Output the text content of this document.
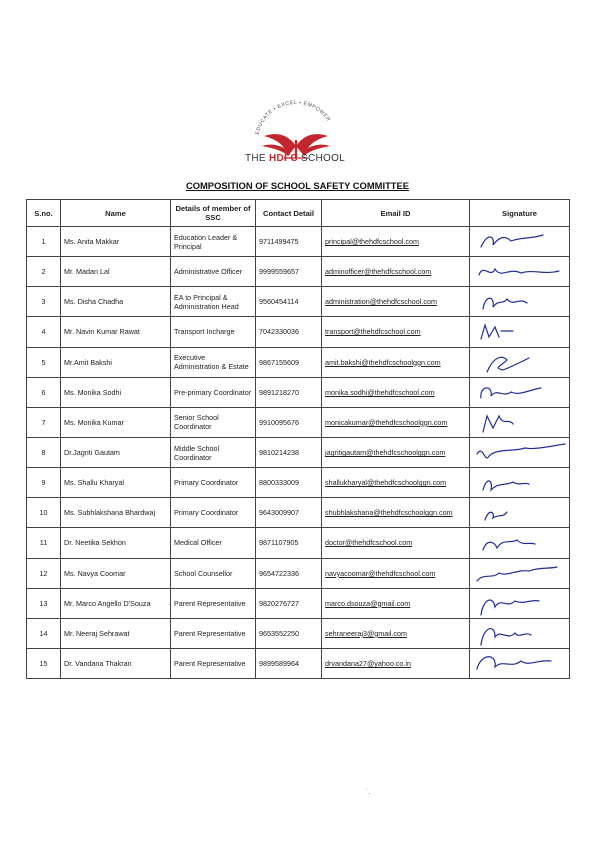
EDUCATE • EXCEL • EMPOWER
THE HDFC SCHOOL
COMPOSITION OF SCHOOL SAFETY COMMITTEE
S.no.	Name	Details of member of SSC	Contact Detail	Email ID	Signature
1	Ms. Anita Makkar	Education Leader & Principal	9711499475	principal@thehdfcschool.com	

2	Mr. Madan Lal	Administrative Officer	9999559657	adminofficer@thehdfcschool.com	

3	Ms. Disha Chadha	EA to Principal & Administration Head	9560454114	administration@thehdfcschool.com	

4	Mr. Navin Kumar Rawat	Transport Incharge	7042330036	transport@thehdfcschool.com	

5	Mr.Amit Bakshi	Executive Administration & Estate	9867155609	amit.bakshi@thehdfcschoolggn.com	

6	Ms. Monika Sodhi	Pre-primary Coordinator	9891218270	monika.sodhi@thehdfcschool.com	

7	Ms. Monika Kumar	Senior School Coordinator	9910095676	monicakumar@thehdfcschoolggn.com	

8	Dr.Jagriti Gautam	Middle School Coordinator	9810214238	jagritigautam@thehdfcschoolggn.com	

9	Ms. Shallu Kharyal	Primary Coordinator	8800333009	shallukharyal@thehdfcschoolggn.com	

10	Ms. Subhlakshana Bhardwaj	Primary Coordinator	9643009907	shubhlakshana@thehdfcschoolggn.com	

11	Dr. Neetika Sekhon	Medical Officer	9871107905	doctor@thehdfcschool.com	

12	Ms. Navya Coomar	School Counsellor	9654722336	navyacoomar@thehdfcschool.com	

13	Mr. Marco Angello D'Souza	Parent Representative	9820276727	marco.dsouza@gmail.com	

14	Mr. Neeraj Sehrawat	Parent Representative	9653552250	sehraneeraj3@gmail.com	

15	Dr. Vandana Thakran	Parent Representative	9899589964	drvandana27@yahoo.co.in	
˙.
